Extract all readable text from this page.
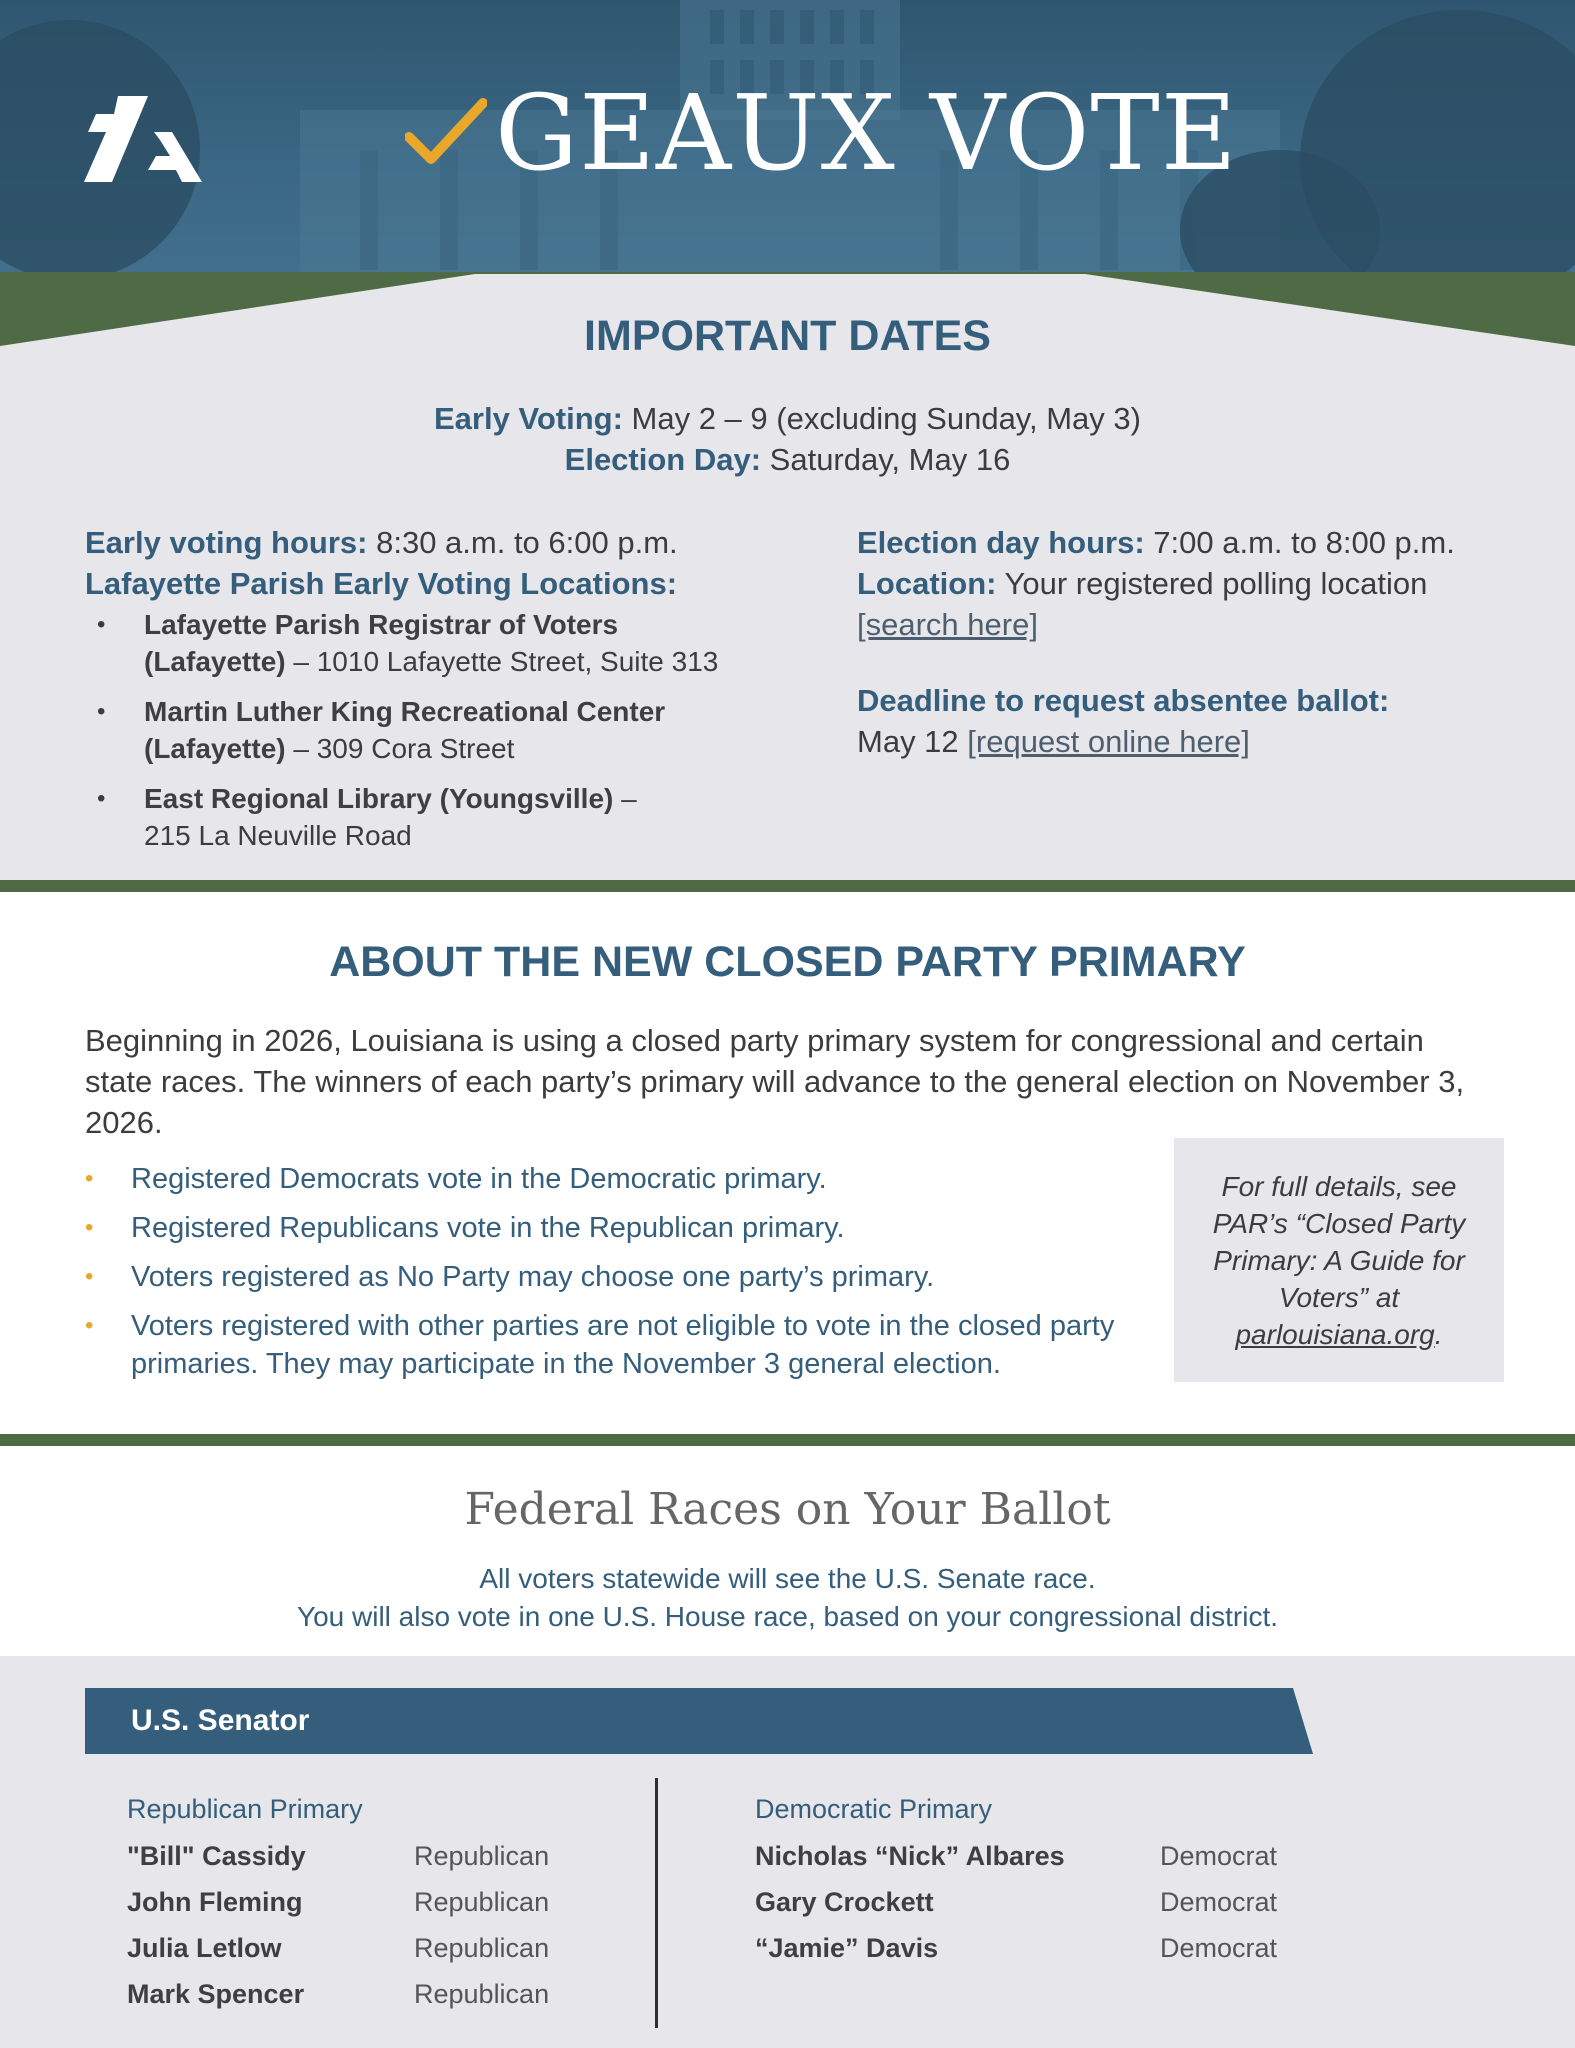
GEAUX VOTE
IMPORTANT DATES
Early Voting: May 2 – 9 (excluding Sunday, May 3)
Election Day: Saturday, May 16
Early voting hours: 8:30 a.m. to 6:00 p.m.
Lafayette Parish Early Voting Locations:
• Lafayette Parish Registrar of Voters
(Lafayette) – 1010 Lafayette Street, Suite 313
• Martin Luther King Recreational Center
(Lafayette) – 309 Cora Street
• East Regional Library (Youngsville) –
215 La Neuville Road
Election day hours: 7:00 a.m. to 8:00 p.m.
Location: Your registered polling location
[search here]
Deadline to request absentee ballot:
May 12 [request online here]
ABOUT THE NEW CLOSED PARTY PRIMARY
Beginning in 2026, Louisiana is using a closed party primary system for congressional and certain state races. The winners of each party’s primary will advance to the general election on November 3, 2026.
• Registered Democrats vote in the Democratic primary.
• Registered Republicans vote in the Republican primary.
• Voters registered as No Party may choose one party’s primary.
• Voters registered with other parties are not eligible to vote in the closed party primaries. They may participate in the November 3 general election.

For full details, see PAR’s “Closed Party Primary: A Guide for Voters” at parlouisiana.org.

Federal Races on Your Ballot
All voters statewide will see the U.S. Senate race.
You will also vote in one U.S. House race, based on your congressional district.
U.S. Senator
Republican Primary
"Bill" Cassidy	Republican
John Fleming	Republican
Julia Letlow	Republican
Mark Spencer	Republican
Democratic Primary
Nicholas “Nick” Albares	Democrat
Gary Crockett	Democrat
“Jamie” Davis	Democrat
